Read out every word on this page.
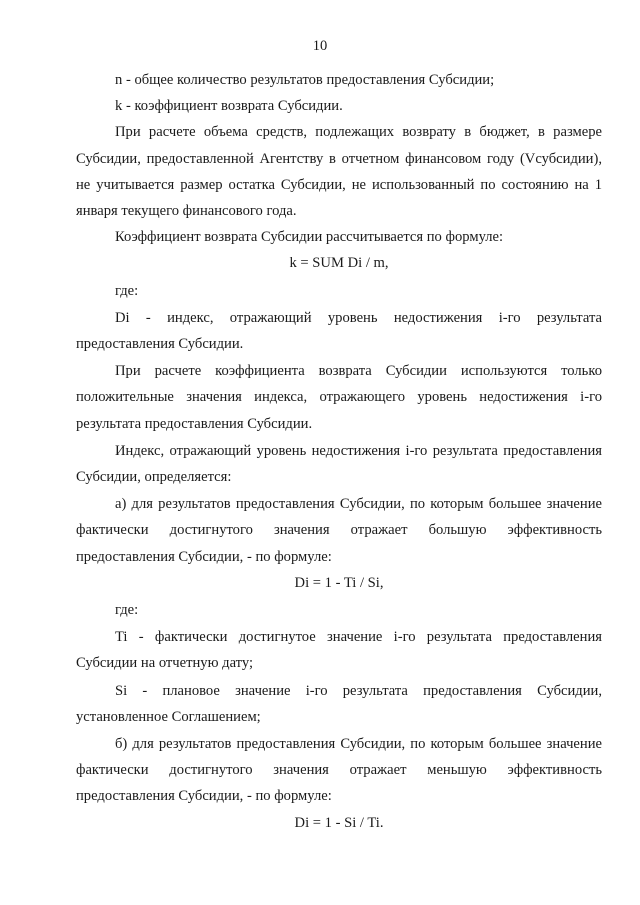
10

n - общее количество результатов предоставления Субсидии;

k - коэффициент возврата Субсидии.

При расчете объема средств, подлежащих возврату в бюджет, в размере Субсидии, предоставленной Агентству в отчетном финансовом году (Vсубсидии), не учитывается размер остатка Субсидии, не использованный по состоянию на 1 января текущего финансового года.

Коэффициент возврата Субсидии рассчитывается по формуле:

k = SUM Di / m,

где:

Di - индекс, отражающий уровень недостижения i-го результата предоставления Субсидии.

При расчете коэффициента возврата Субсидии используются только положительные значения индекса, отражающего уровень недостижения i-го результата предоставления Субсидии.

Индекс, отражающий уровень недостижения i-го результата предоставления Субсидии, определяется:

а) для результатов предоставления Субсидии, по которым большее значение фактически достигнутого значения отражает большую эффективность предоставления Субсидии, - по формуле:

Di = 1 - Ti / Si,

где:

Ti - фактически достигнутое значение i-го результата предоставления Субсидии на отчетную дату;

Si - плановое значение i-го результата предоставления Субсидии, установленное Соглашением;

б) для результатов предоставления Субсидии, по которым большее значение фактически достигнутого значения отражает меньшую эффективность предоставления Субсидии, - по формуле:

Di = 1 - Si / Ti.
